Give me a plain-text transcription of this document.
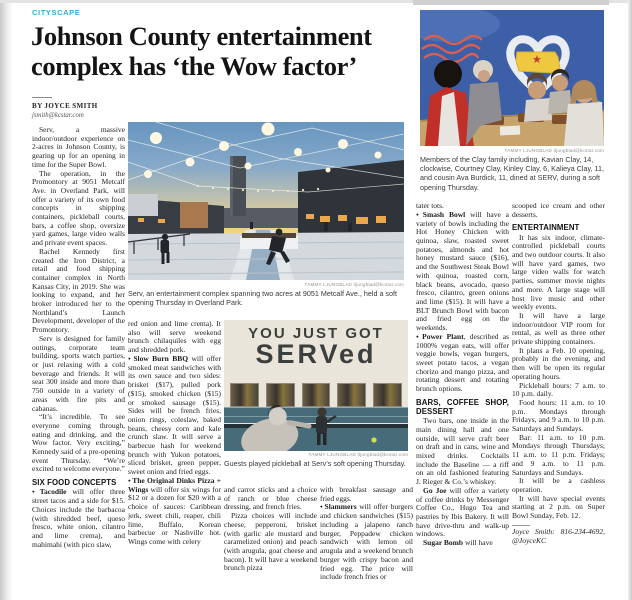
CITYSCAPE
Johnson County entertainment complex has ‘the Wow factor’
BY JOYCE SMITH
jsmith@kcstar.com
TAMMY LJUNGBLAD tljungblad@kcstar.com
Serv, an entertainment complex spanning two acres at 9051 Metcalf Ave., held a soft opening Thursday in Overland Park.
★
TAMMY LJUNGBLAD tljungblad@kcstar.com
Members of the Clay family including, Kavian Clay, 14, clockwise, Courtney Clay, Kinley Clay, 6, Kalieya Clay, 11, and cousin Ava Burdick, 11, dined at SERV, during a soft opening Thursday.
YOU JUST GOT
SERVed
TAMMY LJUNGBLAD tljungblad@kcstar.com
Guests played pickleball at Serv’s soft opening Thursday.

Serv, a massive indoor/outdoor experience on 2-acres in Johnson County, is gearing up for an opening in time for the Super Bowl.

The operation, in the Promontory at 9051 Metcalf Ave. in Overland Park, will offer a variety of its own food concepts in shipping containers, pickleball courts, bars, a coffee shop, oversize yard games, large video walls and private event spaces.

Rachel Kennedy first created the Iron District, a retail and food shipping container complex in North Kansas City, in 2019. She was looking to expand, and her broker introduced her to the Northland’s Launch Development, developer of the Promontory.

Serv is designed for family outings, corporate team building, sports watch parties, or just relaxing with a cold beverage and friends. It will seat 300 inside and more than 750 outside in a variety of areas with fire pits and cabanas.

“It’s incredible. To see everyone coming through, eating and drinking, and the Wow factor. Very exciting,” Kennedy said of a pre-opening event Thursday. “We’re excited to welcome everyone.”

SIX FOOD CONCEPTS

●Tacodile will offer three street tacos and a side for $15. Choices include the barbacoa (with shredded beef, queso fresco, white onion, cilantro and lime crema), and mahimahi (with pico slaw,

red onion and lime crema). It also will serve weekend brunch chilaquiles with egg and shredded pork.

●Slow Burn BBQ will offer smoked meat sandwiches with its own sauce and two sides: brisket ($17), pulled pork ($15), smoked chicken ($15) or smoked sausage ($15). Sides will be french fries, onion rings, coleslaw, baked beans, cheesy corn and kale crunch slaw. It will serve a barbecue hash for weekend brunch with Yukon potatoes, sliced brisket, green pepper, sweet onion and fried eggs.

●The Original Dinks Pizza + Wings will offer six wings for $12 or a dozen for $20 with a choice of sauces: Caribbean jerk, sweet chili, reaper, chili lime, Buffalo, Korean barbecue or Nashville hot. Wings come with celery

and carrot sticks and a choice of ranch or blue cheese dressing, and french fries.

Pizza choices will include cheese, pepperoni, brisket (with garlic ale mustard and caramelized onion) and peach (with arugula, goat cheese and bacon). It will have a weekend brunch pizza

with breakfast sausage and fried eggs.

●Slammers will offer burgers and chicken sandwiches ($15) including a jalapeno ranch burger, Peppadew chicken sandwich with lemon oil arugula and a weekend brunch burger with crispy bacon and fried egg. The price will include french fries or

tater tots.

●Smash Bowl will have a variety of bowls including the Hot Honey Chicken with quinoa, slaw, roasted sweet potatoes, almonds and hot honey mustard sauce ($16), and the Southwest Steak Bowl with quinoa, roasted corn, black beans, avocado, queso fresco, cilantro, green onions and lime ($15). It will have a BLT Brunch Bowl with bacon and fried egg on the weekends.

●Power Plant, described as 1000% vegan eats, will offer veggie bowls, vegan burgers, sweet potato tacos, a vegan chorizo and mango pizza, and rotating dessert and rotating brunch options.

BARS, COFFEE SHOP, DESSERT

Two bars, one inside in the main dining hall and one outside, will serve craft beer on draft and in cans, wine and mixed drinks. Cocktails include the Baseline — a riff on an old fashioned featuring J. Rieger & Co.’s whiskey.

Go Joe will offer a variety of coffee drinks by Messenger Coffee Co., Hugo Tea and pastries by Ibis Bakery. It will have drive-thru and walk-up windows.

Sugar Bomb will have

scooped ice cream and other desserts.

ENTERTAINMENT

It has six indoor, climate-controlled pickleball courts and two outdoor courts. It also will have yard games, two large video walls for watch parties, summer movie nights and more. A large stage will host live music and other weekly events.

It will have a large indoor/outdoor VIP room for rental, as well as three other private shipping containers.

It plans a Feb. 10 opening, probably in the evening, and then will be open its regular operating hours.

Pickleball hours: 7 a.m. to 10 p.m. daily.

Food hours: 11 a.m. to 10 p.m. Mondays through Fridays, and 9 a.m. to 10 p.m. Saturdays and Sundays.

Bar: 11 a.m. to 10 p.m. Mondays through Thursdays; 11 a.m. to 11 p.m. Fridays; and 9 a.m. to 11 p.m. Saturdays and Sundays.

It will be a cashless operation.

It will have special events starting at 2 p.m. on Super Bowl Sunday, Feb. 12.

Joyce Smith: 816-234-4692, @JoyceKC
